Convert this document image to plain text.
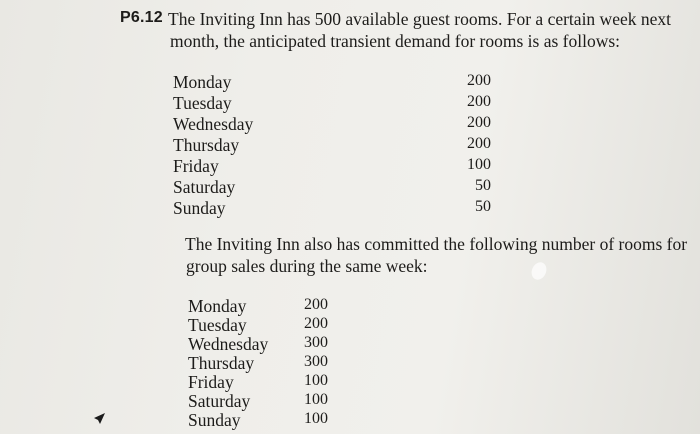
P6.12 The Inviting Inn has 500 available guest rooms. For a certain week next
month, the anticipated transient demand for rooms is as follows:
Monday	200
Tuesday	200
Wednesday	200
Thursday	200
Friday	100
Saturday	50
Sunday	50
The Inviting Inn also has committed the following number of rooms for
group sales during the same week:
Monday	200
Tuesday	200
Wednesday	300
Thursday	300
Friday	100
Saturday	100
Sunday	100
